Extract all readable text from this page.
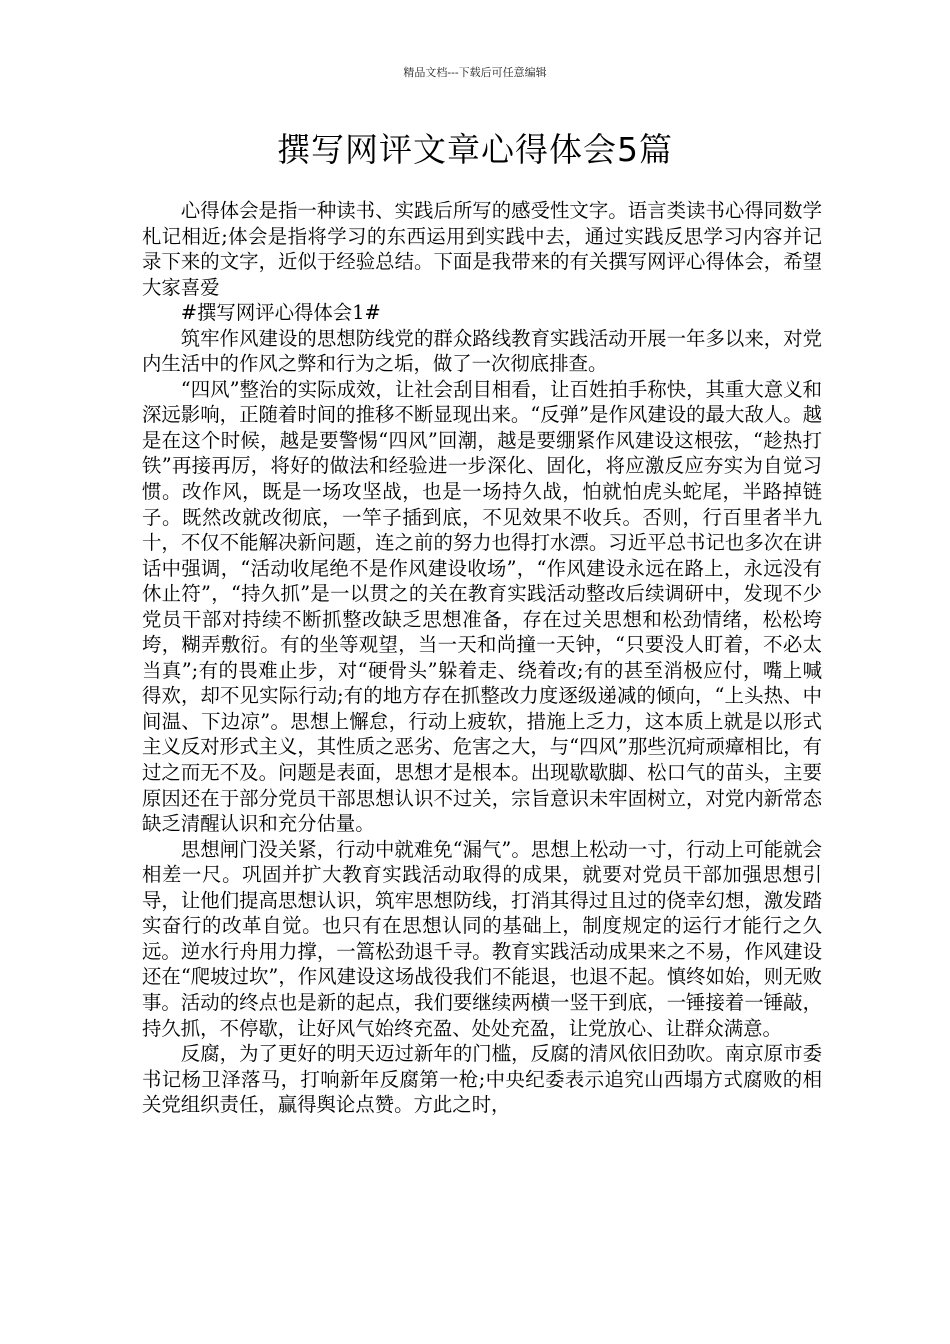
精品文档---下载后可任意编辑
撰写网评文章心得体会5篇

心得体会是指一种读书、实践后所写的感受性文字。语言类读书心得同数学札记相近;体会是指将学习的东西运用到实践中去，通过实践反思学习内容并记录下来的文字，近似于经验总结。下面是我带来的有关撰写网评心得体会，希望大家喜爱

#撰写网评心得体会1#

筑牢作风建设的思想防线党的群众路线教育实践活动开展一年多以来，对党内生活中的作风之弊和行为之垢，做了一次彻底排查。

“四风”整治的实际成效，让社会刮目相看，让百姓拍手称快，其重大意义和深远影响，正随着时间的推移不断显现出来。“反弹”是作风建设的最大敌人。越是在这个时候，越是要警惕“四风”回潮，越是要绷紧作风建设这根弦，“趁热打铁”再接再厉，将好的做法和经验进一步深化、固化，将应激反应夯实为自觉习惯。改作风，既是一场攻坚战，也是一场持久战，怕就怕虎头蛇尾，半路掉链子。既然改就改彻底，一竿子插到底，不见效果不收兵。否则，行百里者半九十，不仅不能解决新问题，连之前的努力也得打水漂。习近平总书记也多次在讲话中强调，“活动收尾绝不是作风建设收场”，“作风建设永远在路上，永远没有休止符”，“持久抓”是一以贯之的关在教育实践活动整改后续调研中，发现不少党员干部对持续不断抓整改缺乏思想准备，存在过关思想和松劲情绪，松松垮垮，糊弄敷衍。有的坐等观望，当一天和尚撞一天钟，“只要没人盯着，不必太当真”;有的畏难止步，对“硬骨头”躲着走、绕着改;有的甚至消极应付，嘴上喊得欢，却不见实际行动;有的地方存在抓整改力度逐级递减的倾向，“上头热、中间温、下边凉”。思想上懈怠，行动上疲软，措施上乏力，这本质上就是以形式主义反对形式主义，其性质之恶劣、危害之大，与“四风”那些沉疴顽瘴相比，有过之而无不及。问题是表面，思想才是根本。出现歇歇脚、松口气的苗头，主要原因还在于部分党员干部思想认识不过关，宗旨意识未牢固树立，对党内新常态缺乏清醒认识和充分估量。

思想闸门没关紧，行动中就难免“漏气”。思想上松动一寸，行动上可能就会相差一尺。巩固并扩大教育实践活动取得的成果，就要对党员干部加强思想引导，让他们提高思想认识，筑牢思想防线，打消其得过且过的侥幸幻想，激发踏实奋行的改革自觉。也只有在思想认同的基础上，制度规定的运行才能行之久远。逆水行舟用力撑，一篙松劲退千寻。教育实践活动成果来之不易，作风建设还在“爬坡过坎”，作风建设这场战役我们不能退，也退不起。慎终如始，则无败事。活动的终点也是新的起点，我们要继续两横一竖干到底，一锤接着一锤敲，持久抓，不停歇，让好风气始终充盈、处处充盈，让党放心、让群众满意。

反腐，为了更好的明天迈过新年的门槛，反腐的清风依旧劲吹。南京原市委书记杨卫泽落马，打响新年反腐第一枪;中央纪委表示追究山西塌方式腐败的相关党组织责任，赢得舆论点赞。方此之时，
